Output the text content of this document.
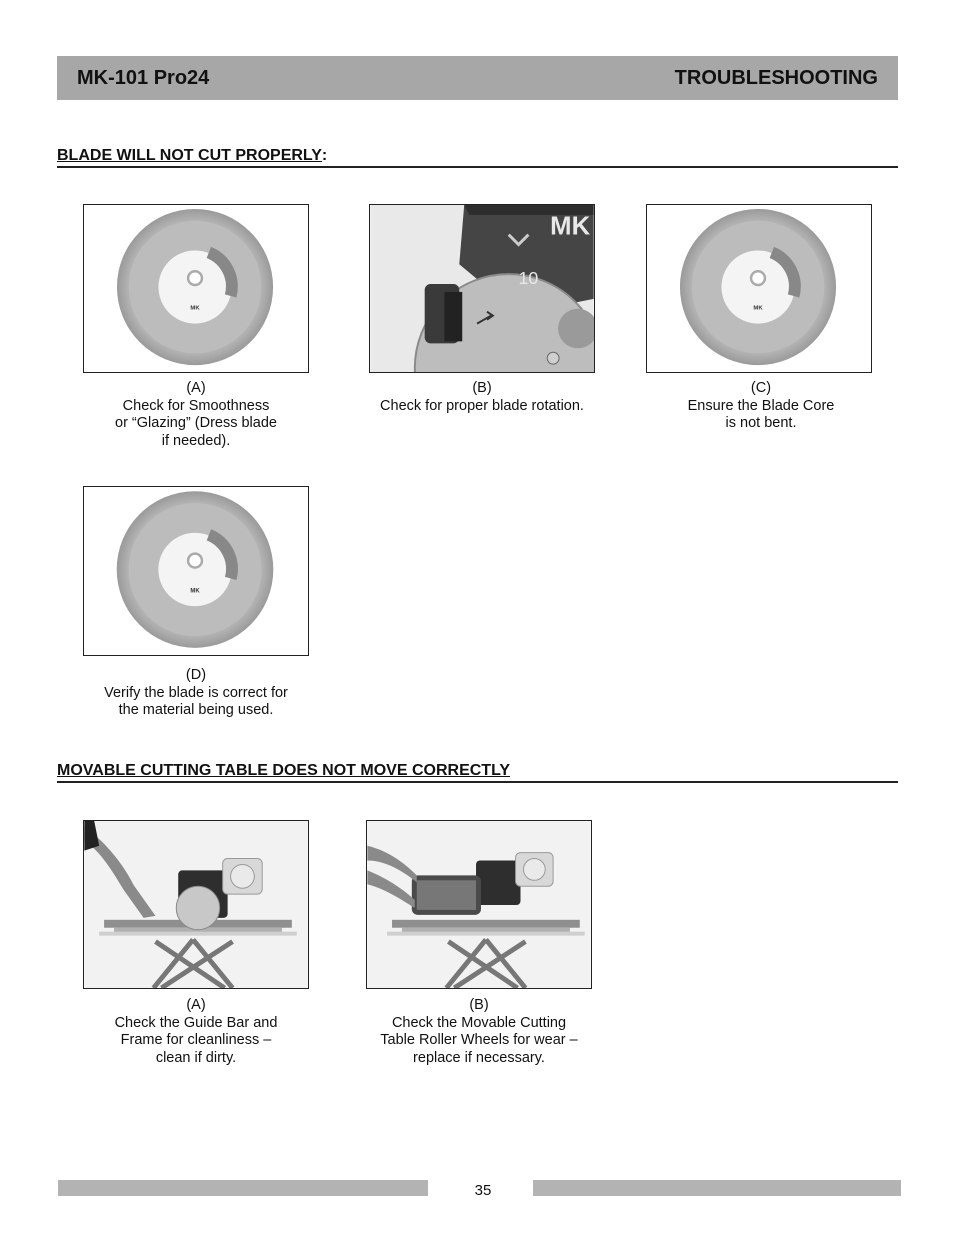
MK-101 Pro24	TROUBLESHOOTING
BLADE WILL NOT CUT PROPERLY:
MK
(A)
Check for Smoothness
or “Glazing” (Dress blade
if needed).
MK
10
(B)
Check for proper blade rotation.
MK
(C)
Ensure the Blade Core
is not bent.
MK
(D)
Verify the blade is correct for
the material being used.
MOVABLE CUTTING TABLE DOES NOT MOVE CORRECTLY
(A)
Check the Guide Bar and
Frame for cleanliness –
clean if dirty.
(B)
Check the Movable Cutting
Table Roller Wheels for wear –
replace if necessary.
35
